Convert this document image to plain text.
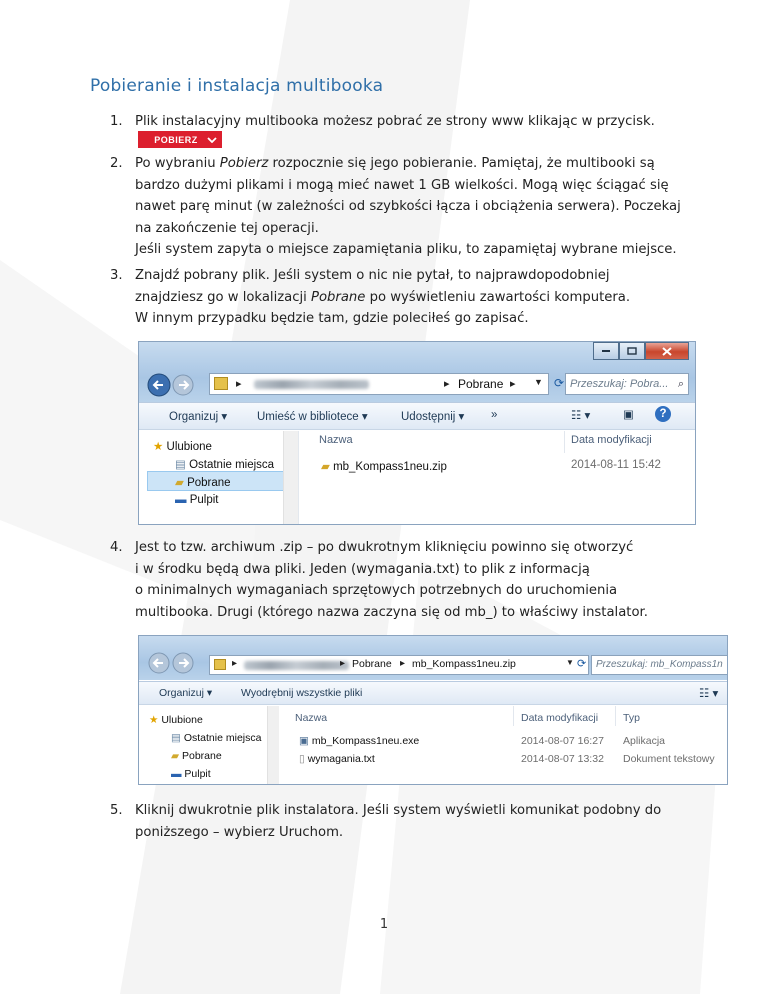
Pobieranie i instalacja multibooka
1. Plik instalacyjny multibooka możesz pobrać ze strony www klikając w przycisk.
POBIERZ
2. Po wybraniu Pobierz rozpocznie się jego pobieranie. Pamiętaj, że multibooki są
bardzo dużymi plikami i mogą mieć nawet 1 GB wielkości. Mogą więc ściągać się
nawet parę minut (w zależności od szybkości łącza i obciążenia serwera). Poczekaj
na zakończenie tej operacji.
Jeśli system zapyta o miejsce zapamiętania pliku, to zapamiętaj wybrane miejsce.
3. Znajdź pobrany plik. Jeśli system o nic nie pytał, to najprawdopodobniej
znajdziesz go w lokalizacji Pobrane po wyświetleniu zawartości komputera.
W innym przypadku będzie tam, gdzie poleciłeś go zapisać.
▸	▸ Pobrane ▸ ▼ ⟳ Przeszukaj: Pobra... ⌕
Organizuj ▾	Umieść w bibliotece ▾	Udostępnij ▾ »	☷ ▾	▣	?
★ Ulubione
▤ Ostatnie miejsca
▰ Pobrane
▬ Pulpit
Nazwa	Data modyfikacji
▰ mb_Kompass1neu.zip	2014-08-11 15:42
4. Jest to tzw. archiwum .zip – po dwukrotnym kliknięciu powinno się otworzyć
i w środku będą dwa pliki. Jeden (wymagania.txt) to plik z informacją
o minimalnych wymaganiach sprzętowych potrzebnych do uruchomienia
multibooka. Drugi (którego nazwa zaczyna się od mb_) to właściwy instalator.
▸	▸ Pobrane ▸ mb_Kompass1neu.zip	▼ ⟳ Przeszukaj: mb_Kompass1n
Organizuj ▾	Wyodrębnij wszystkie pliki	☷ ▾
★ Ulubione
▤ Ostatnie miejsca
▰ Pobrane
▬ Pulpit
Nazwa	Data modyfikacji Typ
▣ mb_Kompass1neu.exe	2014-08-07 16:27 Aplikacja
▯ wymagania.txt	2014-08-07 13:32 Dokument tekstowy
5. Kliknij dwukrotnie plik instalatora. Jeśli system wyświetli komunikat podobny do
poniższego – wybierz Uruchom.
1
